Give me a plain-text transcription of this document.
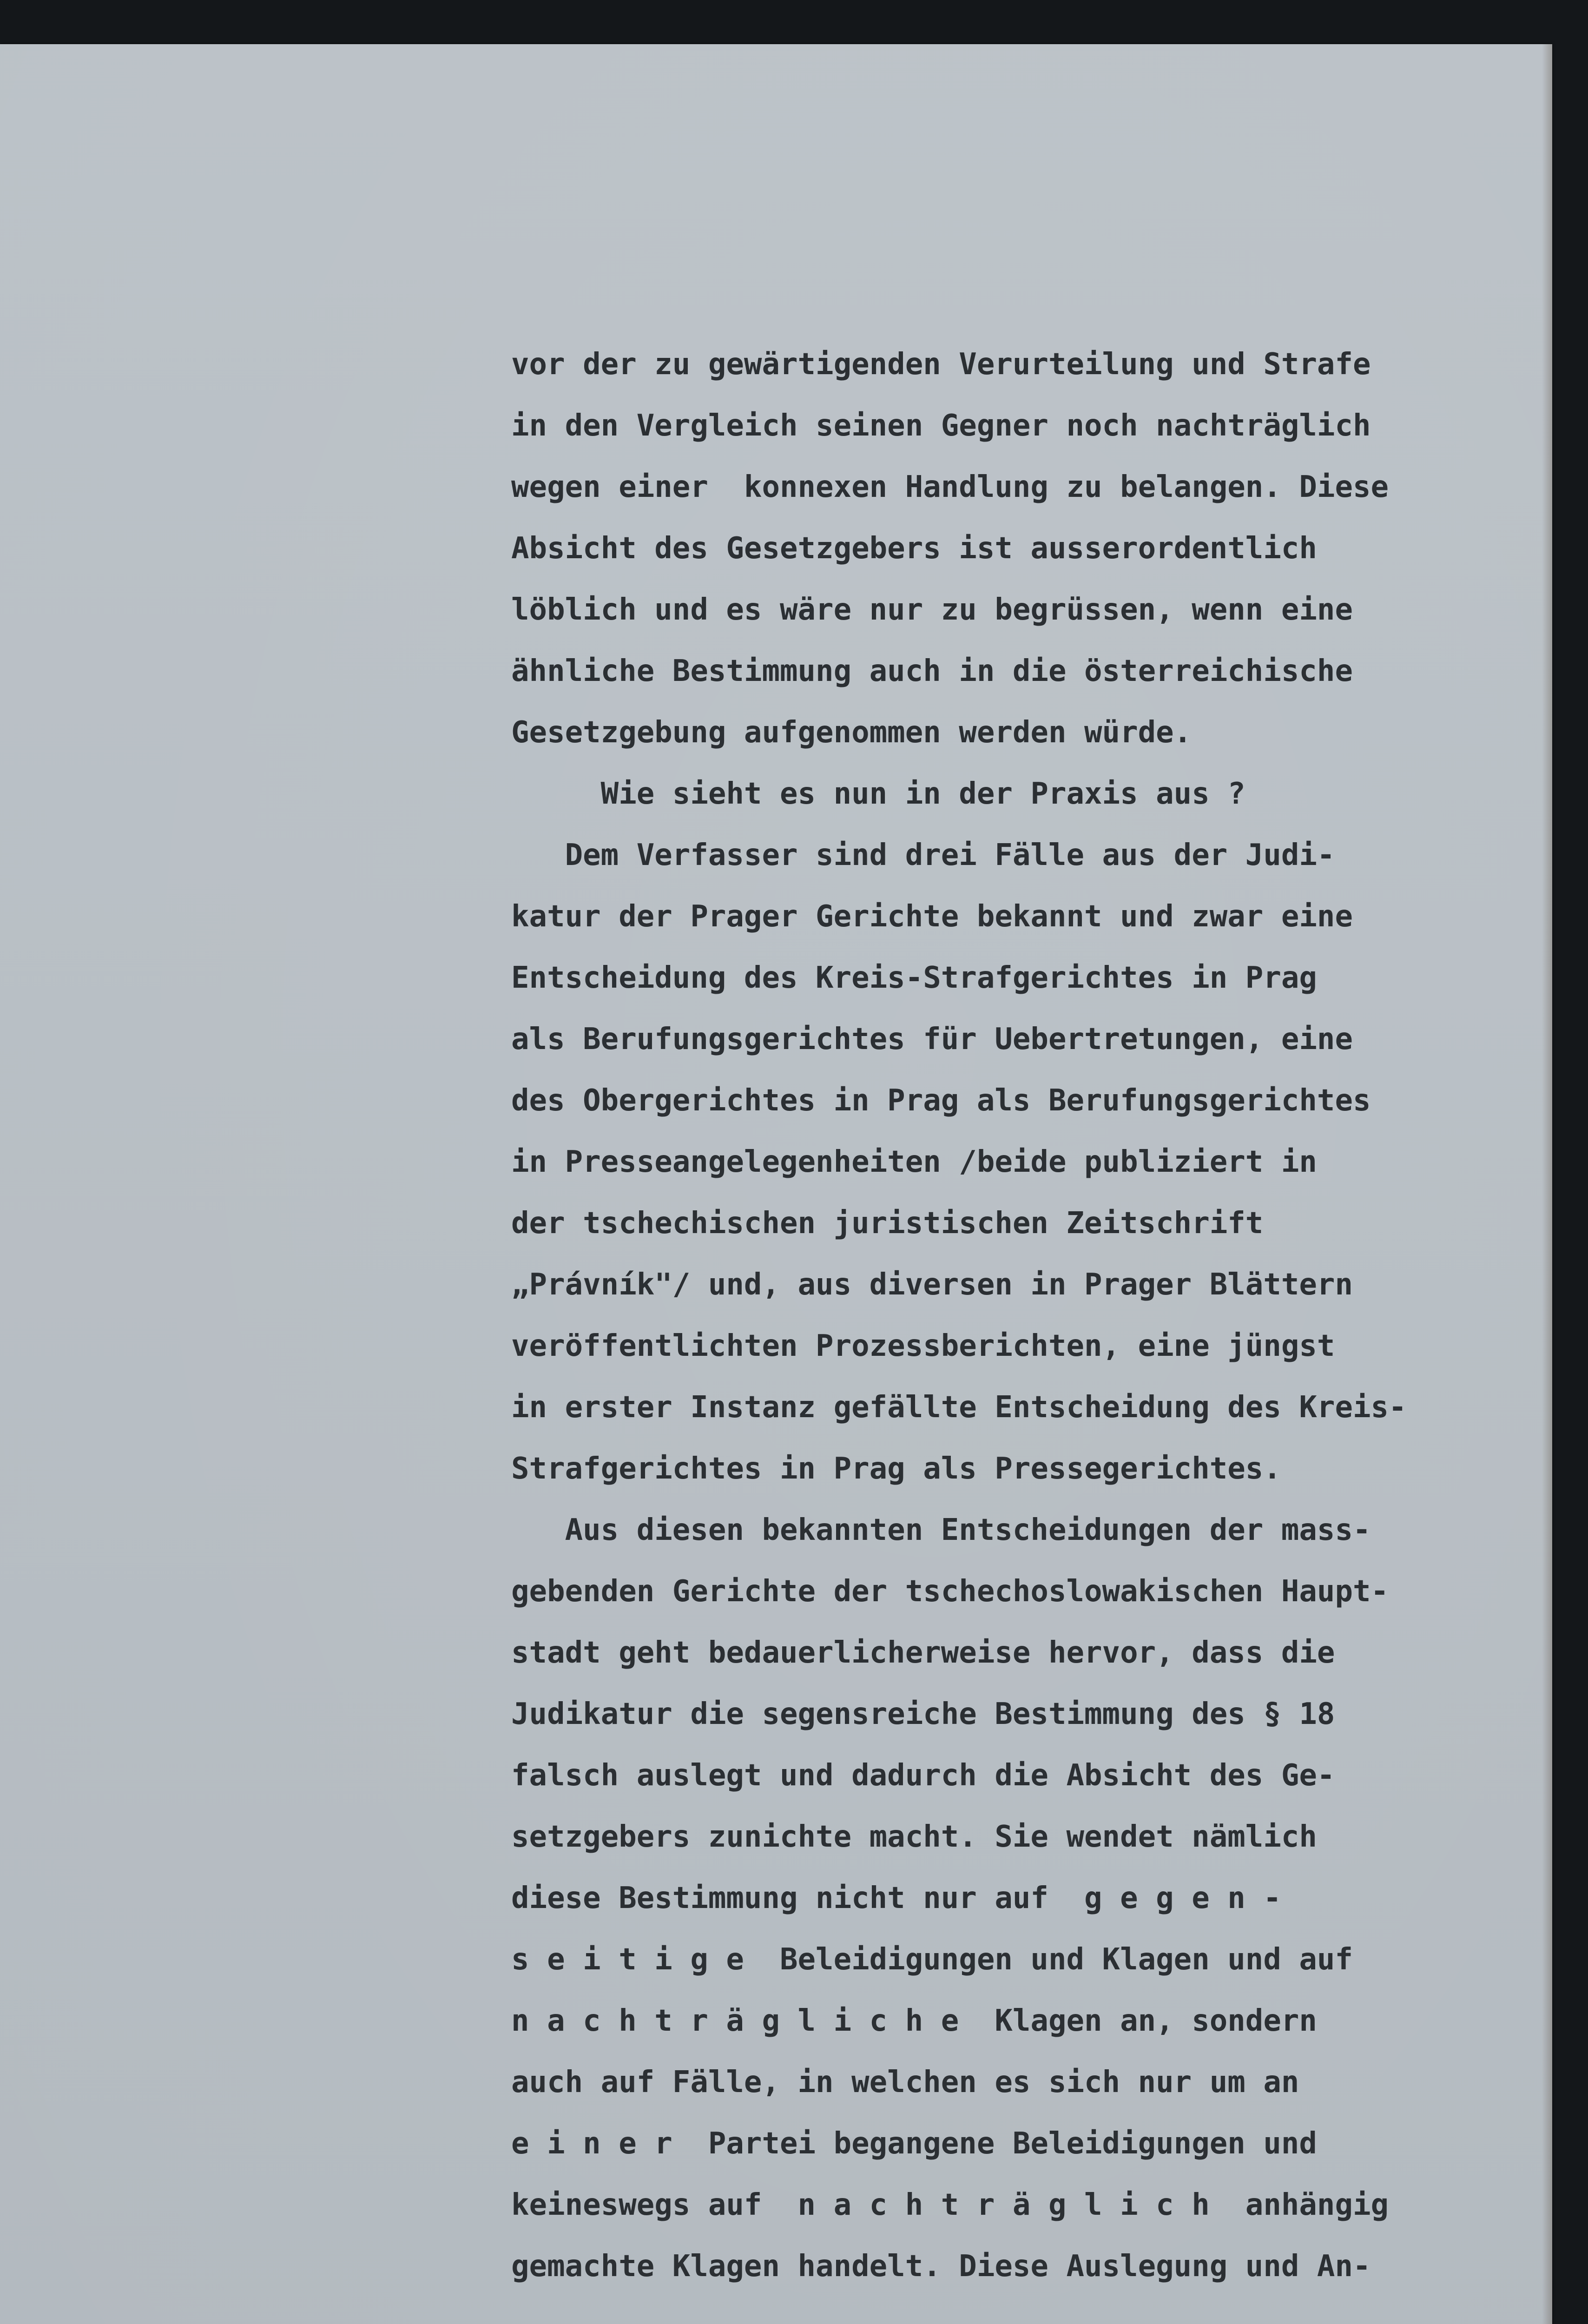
vor der zu gewärtigenden Verurteilung und Strafe
in den Vergleich seinen Gegner noch nachträglich
wegen einer  konnexen Handlung zu belangen. Diese
Absicht des Gesetzgebers ist ausserordentlich
löblich und es wäre nur zu begrüssen, wenn eine
ähnliche Bestimmung auch in die österreichische
Gesetzgebung aufgenommen werden würde.
Wie sieht es nun in der Praxis aus ?
Dem Verfasser sind drei Fälle aus der Judi-
katur der Prager Gerichte bekannt und zwar eine
Entscheidung des Kreis-Strafgerichtes in Prag
als Berufungsgerichtes für Uebertretungen, eine
des Obergerichtes in Prag als Berufungsgerichtes
in Presseangelegenheiten /beide publiziert in
der tschechischen juristischen Zeitschrift
„Právník"/ und, aus diversen in Prager Blättern
veröffentlichten Prozessberichten, eine jüngst
in erster Instanz gefällte Entscheidung des Kreis-
Strafgerichtes in Prag als Pressegerichtes.
Aus diesen bekannten Entscheidungen der mass-
gebenden Gerichte der tschechoslowakischen Haupt-
stadt geht bedauerlicherweise hervor, dass die
Judikatur die segensreiche Bestimmung des § 18
falsch auslegt und dadurch die Absicht des Ge-
setzgebers zunichte macht. Sie wendet nämlich
diese Bestimmung nicht nur auf  g e g e n -
s e i t i g e  Beleidigungen und Klagen und auf
n a c h t r ä g l i c h e  Klagen an, sondern
auch auf Fälle, in welchen es sich nur um an
e i n e r  Partei begangene Beleidigungen und
keineswegs auf  n a c h t r ä g l i c h  anhängig
gemachte Klagen handelt. Diese Auslegung und An-
